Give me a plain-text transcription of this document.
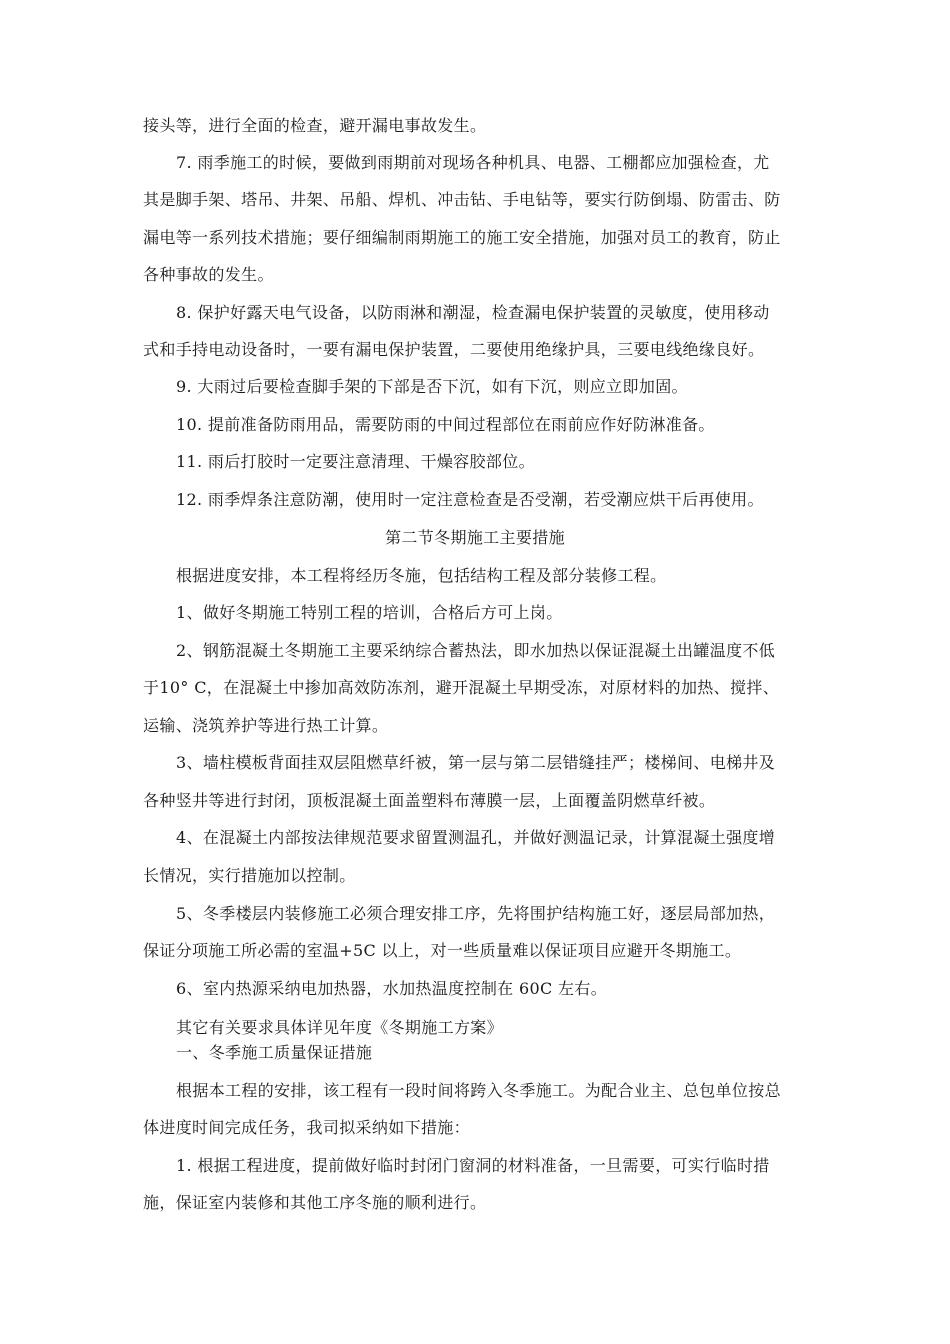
接头等，进行全面的检查，避开漏电事故发生。
7. 雨季施工的时候，要做到雨期前对现场各种机具、电器、工棚都应加强检查，尤
其是脚手架、塔吊、井架、吊船、焊机、冲击钻、手电钻等，要实行防倒塌、防雷击、防
漏电等一系列技术措施；要仔细编制雨期施工的施工安全措施，加强对员工的教育，防止
各种事故的发生。
8. 保护好露天电气设备，以防雨淋和潮湿，检查漏电保护装置的灵敏度，使用移动
式和手持电动设备时，一要有漏电保护装置，二要使用绝缘护具，三要电线绝缘良好。
9. 大雨过后要检查脚手架的下部是否下沉，如有下沉，则应立即加固。
10. 提前准备防雨用品，需要防雨的中间过程部位在雨前应作好防淋准备。
11. 雨后打胶时一定要注意清理、干燥容胶部位。
12. 雨季焊条注意防潮，使用时一定注意检查是否受潮，若受潮应烘干后再使用。
第二节冬期施工主要措施
根据进度安排，本工程将经历冬施，包括结构工程及部分装修工程。
1、做好冬期施工特别工程的培训，合格后方可上岗。
2、钢筋混凝土冬期施工主要采纳综合蓄热法，即水加热以保证混凝土出罐温度不低
于10° C，在混凝土中掺加高效防冻剂，避开混凝土早期受冻，对原材料的加热、搅拌、
运输、浇筑养护等进行热工计算。
3、墙柱模板背面挂双层阻燃草纤被，第一层与第二层错缝挂严；楼梯间、电梯井及
各种竖井等进行封闭，顶板混凝土面盖塑料布薄膜一层，上面覆盖阴燃草纤被。
4、在混凝土内部按法律规范要求留置测温孔，并做好测温记录，计算混凝土强度增
长情况，实行措施加以控制。
5、冬季楼层内装修施工必须合理安排工序，先将围护结构施工好，逐层局部加热，
保证分项施工所必需的室温+5C 以上，对一些质量难以保证项目应避开冬期施工。
6、室内热源采纳电加热器，水加热温度控制在 60C 左右。
其它有关要求具体详见年度《冬期施工方案》
一、冬季施工质量保证措施
根据本工程的安排，该工程有一段时间将跨入冬季施工。为配合业主、总包单位按总
体进度时间完成任务，我司拟采纳如下措施：
1. 根据工程进度，提前做好临时封闭门窗洞的材料准备，一旦需要，可实行临时措
施，保证室内装修和其他工序冬施的顺利进行。
